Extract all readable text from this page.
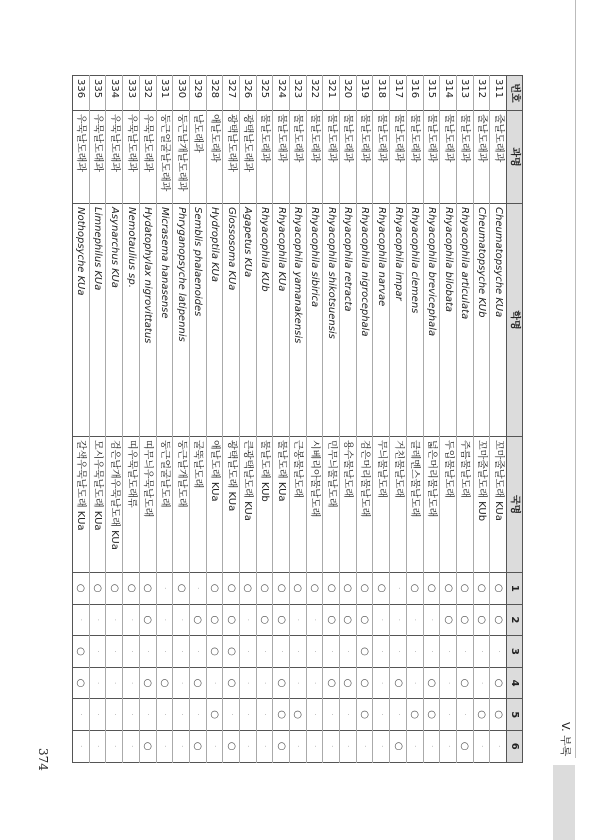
V. 부록
374
번호	과명	학명	국명	1	2	3	4	5	6
311	줄날도래과	Cheumatopsyche KUa	꼬마줄날도래 KUa	○	○	·	○	○	·
312	줄날도래과	Cheumatopsyche KUb	꼬마줄날도래 KUb	○	○	·	·	○	·
313	물날도래과	Rhyacophila articulata	주름물날도래	○	○	·	○	·	○
314	물날도래과	Rhyacophila bilobata	두입물날도래	○	○	·	·	·	·
315	물날도래과	Rhyacophila brevicephala	넓은머리물날도래	○	·	·	○	○	·
316	물날도래과	Rhyacophila clemens	클레멘스물날도래	○	·	·	·	○	·
317	물날도래과	Rhyacophila impar	거친물날도래	·	·	·	○	·	○
318	물날도래과	Rhyacophila narvae	무늬물날도래	○	·	·	·	·	·
319	물날도래과	Rhyacophila nigrocephala	검은머리물날도래	○	○	○	○	○	·
320	물날도래과	Rhyacophila retracta	용수물날도래	○	○	·	○	·	·
321	물날도래과	Rhyacophila shikotsuensis	민무늬물날도래	○	○	·	○	·	·
322	물날도래과	Rhyacophila sibirica	시베리아물날도래	○	·	·	·	·	·
323	물날도래과	Rhyacophila yamanakensis	근봉물날도래	○	·	·	·	○	·
324	물날도래과	Rhyacophila KUa	물날도래 KUa	○	○	·	○	○	○
325	물날도래과	Rhyacophila KUb	물날도래 KUb	○	○	·	·	·	·
326	광택날도래과	Agapetus KUa	큰광택날도래 KUa	○	·	·	·	·	·
327	광택날도래과	Glossosoma KUa	광택날도래 KUa	○	○	○	○	·	○
328	애날도래과	Hydroptila KUa	애날도래 KUa	○	○	○	·	○	·
329	날도래과	Semblis phalaenoides	굴뚝날도래	·	○	·	○	·	○
330	둥근날개날도래과	Phryganopsyche latipennis	둥근날개날도래	○	·	·	·	·	·
331	둥근얼굴날도래과	Micrasema hanasense	둥근얼굴날도래	·	·	·	○	·	·
332	우묵날도래과	Hydatophylax nigrovittatus	띠무늬우묵날도래	○	○	·	○	·	○
333	우묵날도래과	Nemotaulius sp.	띠우묵날도래류	○	·	·	·	·	·
334	우묵날도래과	Asynarchus KUa	검은날개우묵날도래 KUa	○	·	·	·	·	·
335	우묵날도래과	Limnephilus KUa	모시우묵날도래 KUa	○	·	·	·	·	·
336	우묵날도래과	Nothopsyche KUa	갈색우묵날도래 KUa	○	·	○	○	·	·
